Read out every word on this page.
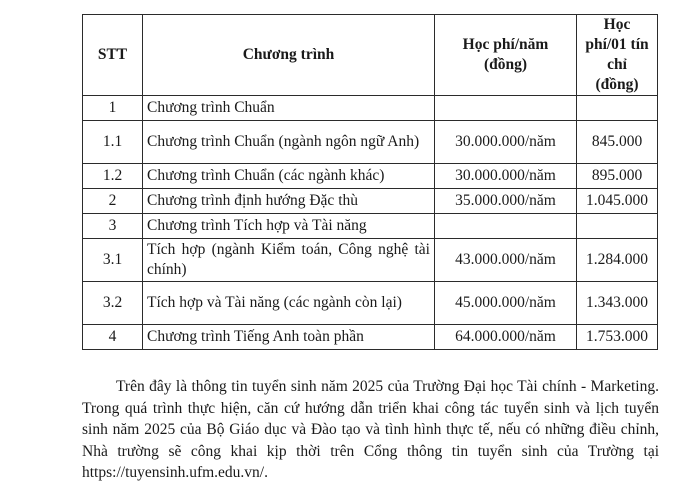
STT	Chương trình	Học phí/năm (đồng)	Học phí/01 tín chỉ (đồng)
1	Chương trình Chuẩn		
1.1	Chương trình Chuẩn (ngành ngôn ngữ Anh)	30.000.000/năm	845.000
1.2	Chương trình Chuẩn (các ngành khác)	30.000.000/năm	895.000
2	Chương trình định hướng Đặc thù	35.000.000/năm	1.045.000
3	Chương trình Tích hợp và Tài năng		
3.1	Tích hợp (ngành Kiểm toán, Công nghệ tài chính)	43.000.000/năm	1.284.000
3.2	Tích hợp và Tài năng (các ngành còn lại)	45.000.000/năm	1.343.000
4	Chương trình Tiếng Anh toàn phần	64.000.000/năm	1.753.000

Trên đây là thông tin tuyển sinh năm 2025 của Trường Đại học Tài chính - Marketing. Trong quá trình thực hiện, căn cứ hướng dẫn triển khai công tác tuyển sinh và lịch tuyển sinh năm 2025 của Bộ Giáo dục và Đào tạo và tình hình thực tế, nếu có những điều chỉnh, Nhà trường sẽ công khai kịp thời trên Cổng thông tin tuyển sinh của Trường tại https://tuyensinh.ufm.edu.vn/.
